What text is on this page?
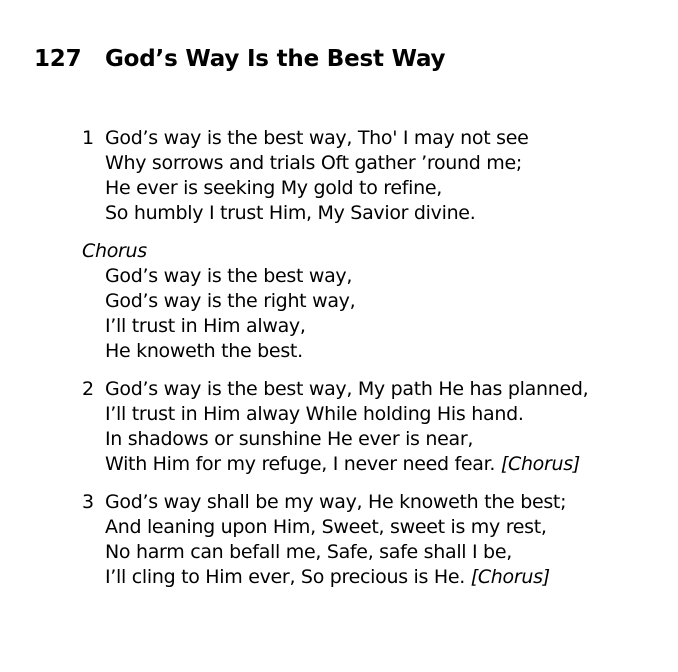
127 God’s Way Is the Best Way
1 God’s way is the best way, Tho' I may not see
Why sorrows and trials Oft gather ’round me;
He ever is seeking My gold to refine,
So humbly I trust Him, My Savior divine.
Chorus
God’s way is the best way,
God’s way is the right way,
I’ll trust in Him alway,
He knoweth the best.
2 God’s way is the best way, My path He has planned,
I’ll trust in Him alway While holding His hand.
In shadows or sunshine He ever is near,
With Him for my refuge, I never need fear. [Chorus]
3 God’s way shall be my way, He knoweth the best;
And leaning upon Him, Sweet, sweet is my rest,
No harm can befall me, Safe, safe shall I be,
I’ll cling to Him ever, So precious is He. [Chorus]
